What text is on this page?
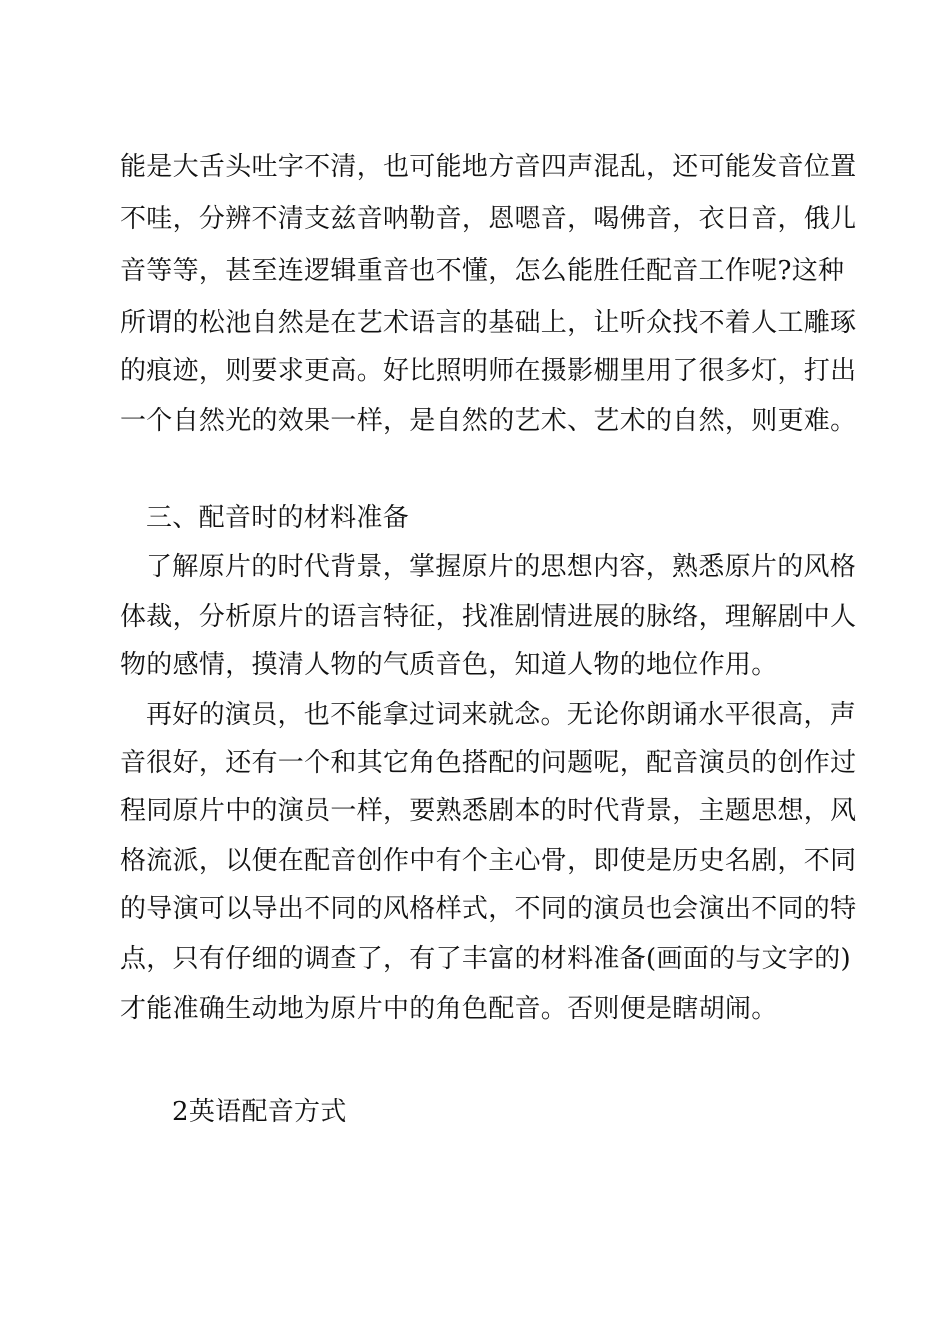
能是大舌头吐字不清，也可能地方音四声混乱，还可能发音位置
不哇，分辨不清支兹音呐勒音，恩嗯音，喝佛音，衣日音，俄儿
音等等，甚至连逻辑重音也不懂，怎么能胜任配音工作呢?这种
所谓的松池自然是在艺术语言的基础上，让听众找不着人工雕琢
的痕迹，则要求更高。好比照明师在摄影棚里用了很多灯，打出
一个自然光的效果一样，是自然的艺术、艺术的自然，则更难。
三、配音时的材料准备
了解原片的时代背景，掌握原片的思想内容，熟悉原片的风格
体裁，分析原片的语言特征，找准剧情进展的脉络，理解剧中人
物的感情，摸清人物的气质音色，知道人物的地位作用。
再好的演员，也不能拿过词来就念。无论你朗诵水平很高，声
音很好，还有一个和其它角色搭配的问题呢，配音演员的创作过
程同原片中的演员一样，要熟悉剧本的时代背景，主题思想，风
格流派，以便在配音创作中有个主心骨，即使是历史名剧，不同
的导演可以导出不同的风格样式，不同的演员也会演出不同的特
点，只有仔细的调查了，有了丰富的材料准备(画面的与文字的)
才能准确生动地为原片中的角色配音。否则便是瞎胡闹。
2英语配音方式
